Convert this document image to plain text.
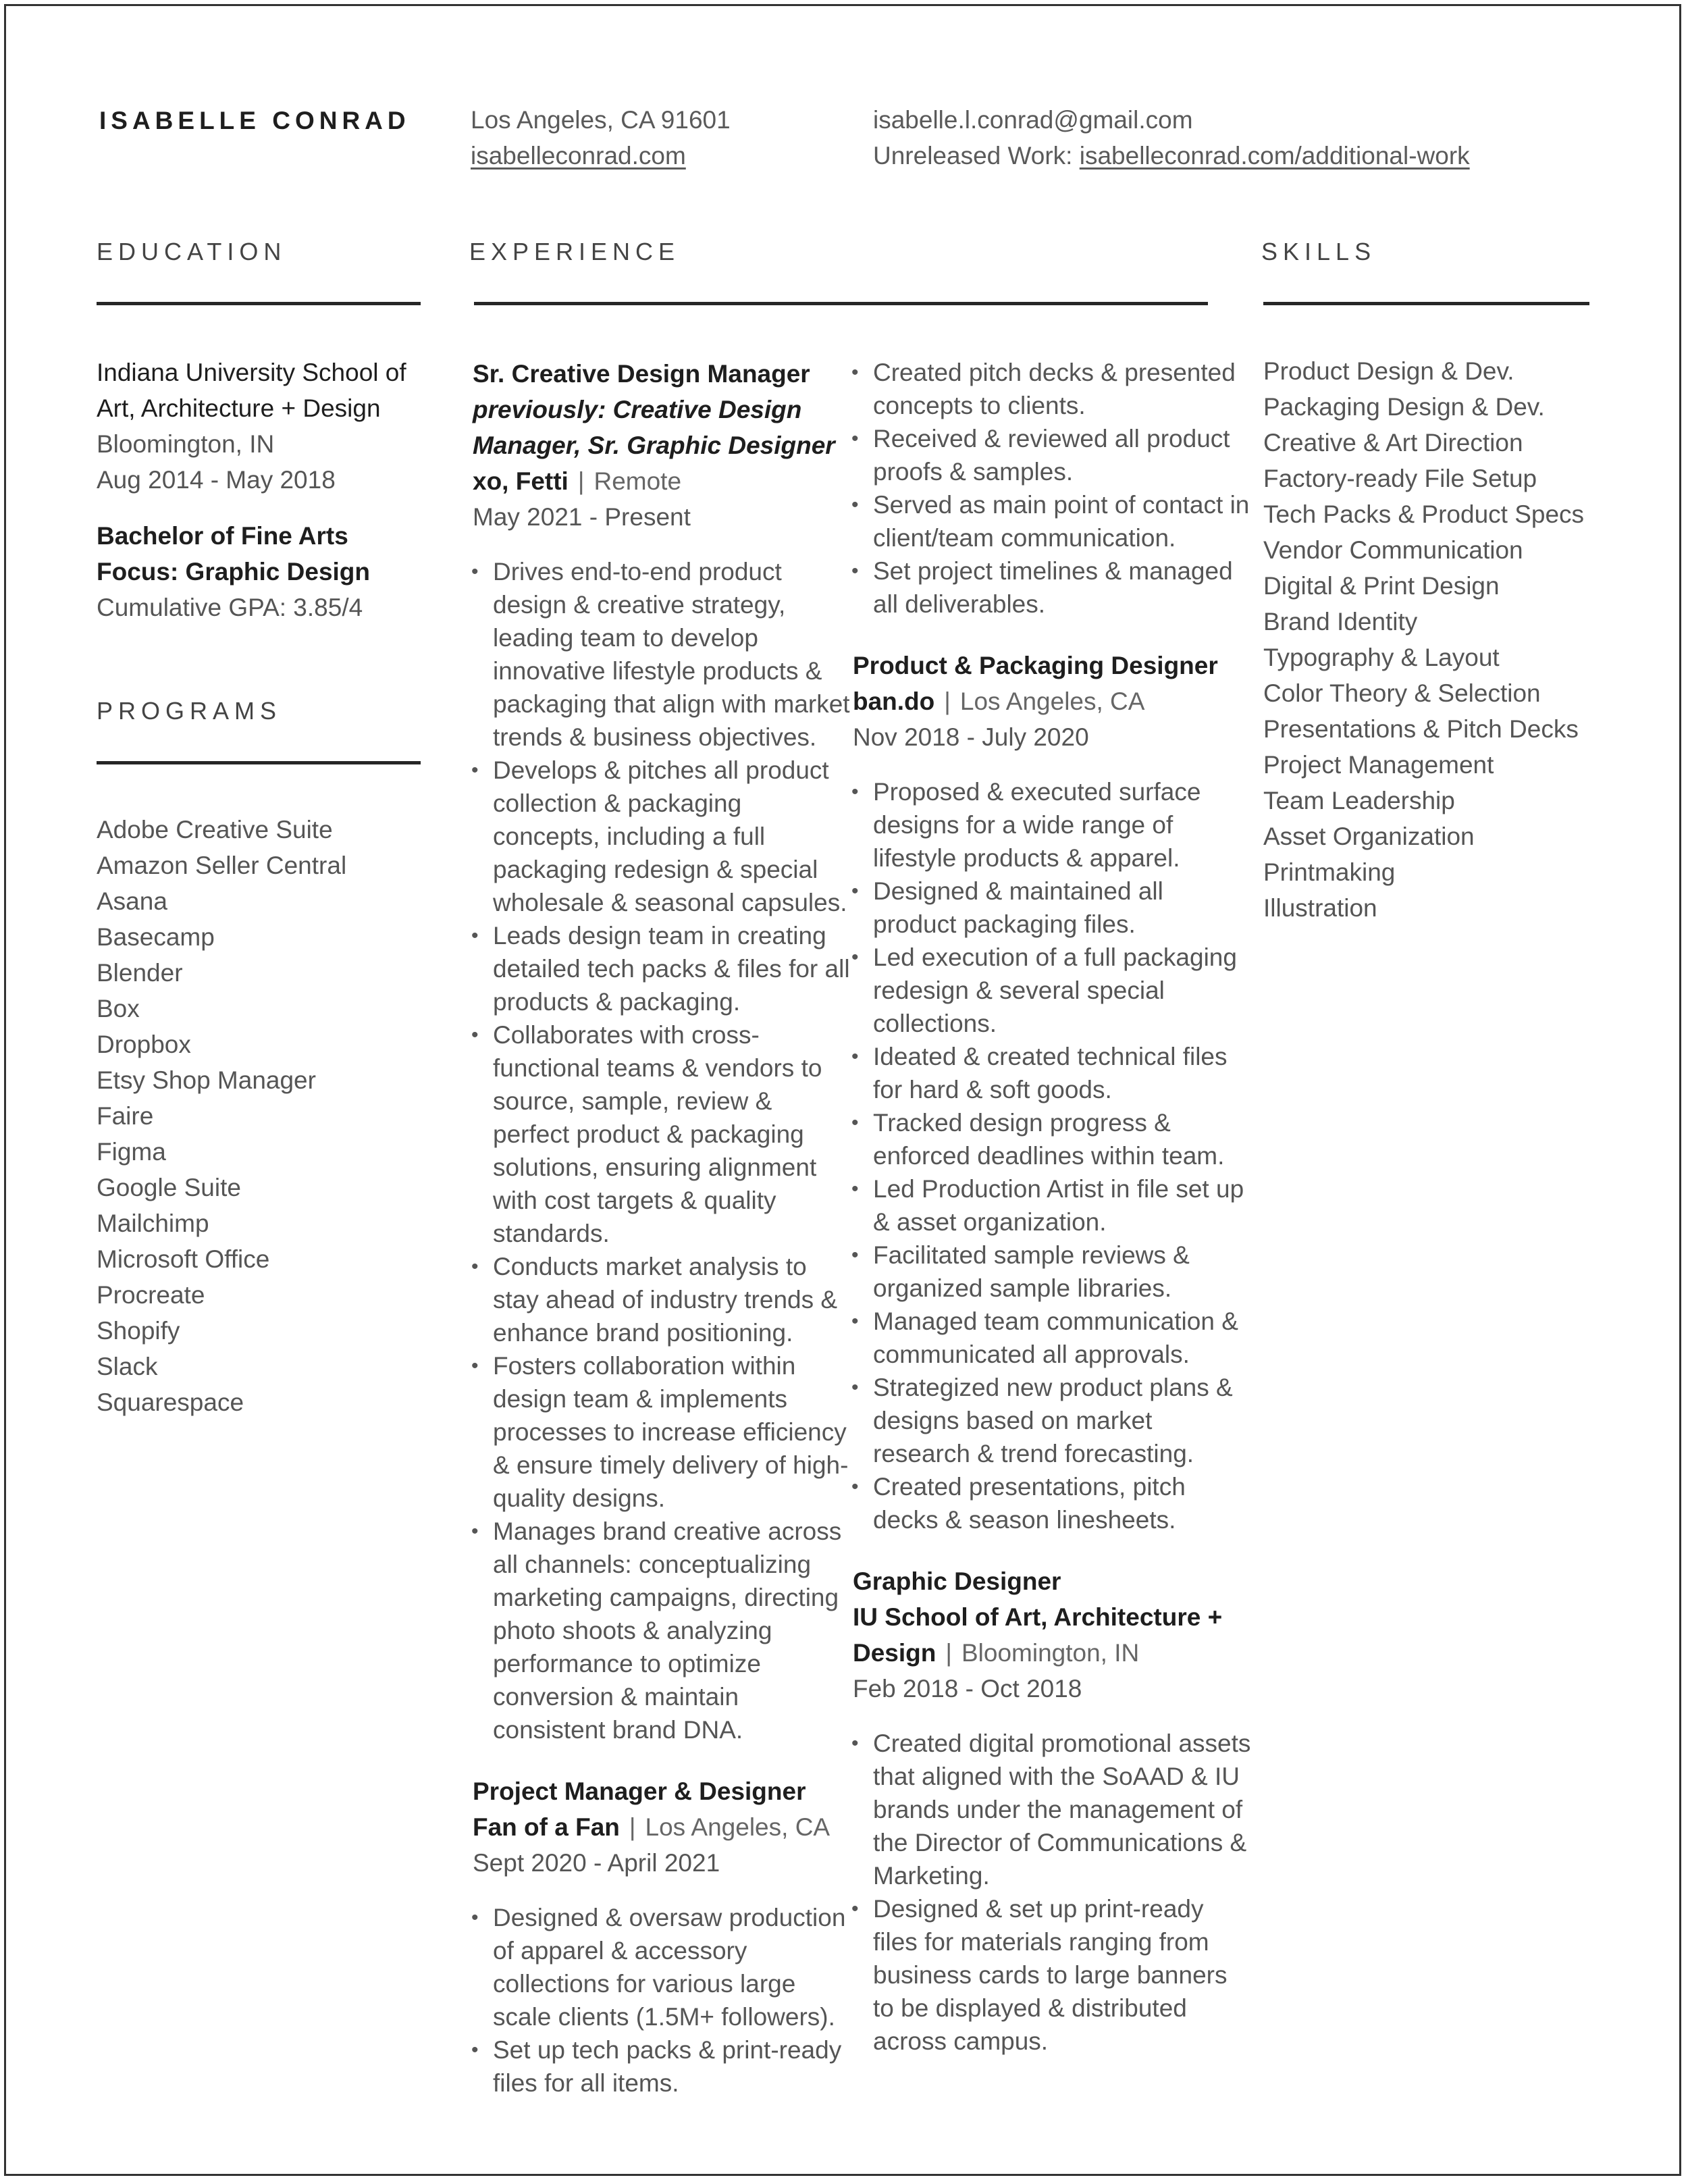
ISABELLE CONRAD Los Angeles, CA 91601
isabelleconrad.com
isabelle.l.conrad@gmail.com
Unreleased Work: isabelleconrad.com/additional-work
EDUCATION	EXPERIENCE	SKILLS
Indiana University School of Art, Architecture + Design
Bloomington, IN
Aug 2014 - May 2018
Bachelor of Fine Arts
Focus: Graphic Design
Cumulative GPA: 3.85/4
PROGRAMS
Adobe Creative Suite
Amazon Seller Central
Asana
Basecamp
Blender
Box
Dropbox
Etsy Shop Manager
Faire
Figma
Google Suite
Mailchimp
Microsoft Office
Procreate
Shopify
Slack
Squarespace
Sr. Creative Design Manager
previously: Creative Design Manager, Sr. Graphic Designer
xo, Fetti | Remote
May 2021 - Present
• Drives end-to-end product design & creative strategy, leading team to develop innovative lifestyle products & packaging that align with market trends & business objectives.
• Develops & pitches all product collection & packaging concepts, including a full packaging redesign & special wholesale & seasonal capsules.
• Leads design team in creating detailed tech packs & files for all products & packaging.
• Collaborates with cross-functional teams & vendors to source, sample, review & perfect product & packaging solutions, ensuring alignment with cost targets & quality standards.
• Conducts market analysis to stay ahead of industry trends & enhance brand positioning.
• Fosters collaboration within design team & implements processes to increase efficiency & ensure timely delivery of high-quality designs.
• Manages brand creative across all channels: conceptualizing marketing campaigns, directing photo shoots & analyzing performance to optimize conversion & maintain consistent brand DNA.
Project Manager & Designer
Fan of a Fan | Los Angeles, CA
Sept 2020 - April 2021
• Designed & oversaw production of apparel & accessory collections for various large scale clients (1.5M+ followers).
• Set up tech packs & print-ready files for all items.
• Created pitch decks & presented concepts to clients.
• Received & reviewed all product proofs & samples.
• Served as main point of contact in client/team communication.
• Set project timelines & managed all deliverables.
Product & Packaging Designer
ban.do | Los Angeles, CA
Nov 2018 - July 2020
• Proposed & executed surface designs for a wide range of lifestyle products & apparel.
• Designed & maintained all product packaging files.
• Led execution of a full packaging redesign & several special collections.
• Ideated & created technical files for hard & soft goods.
• Tracked design progress & enforced deadlines within team.
• Led Production Artist in file set up & asset organization.
• Facilitated sample reviews & organized sample libraries.
• Managed team communication & communicated all approvals.
• Strategized new product plans & designs based on market research & trend forecasting.
• Created presentations, pitch decks & season linesheets.
Graphic Designer
IU School of Art, Architecture + Design | Bloomington, IN
Feb 2018 - Oct 2018
• Created digital promotional assets that aligned with the SoAAD & IU brands under the management of the Director of Communications & Marketing.
• Designed & set up print-ready files for materials ranging from business cards to large banners to be displayed & distributed across campus.
Product Design & Dev.
Packaging Design & Dev.
Creative & Art Direction
Factory-ready File Setup
Tech Packs & Product Specs
Vendor Communication
Digital & Print Design
Brand Identity
Typography & Layout
Color Theory & Selection
Presentations & Pitch Decks
Project Management
Team Leadership
Asset Organization
Printmaking
Illustration
